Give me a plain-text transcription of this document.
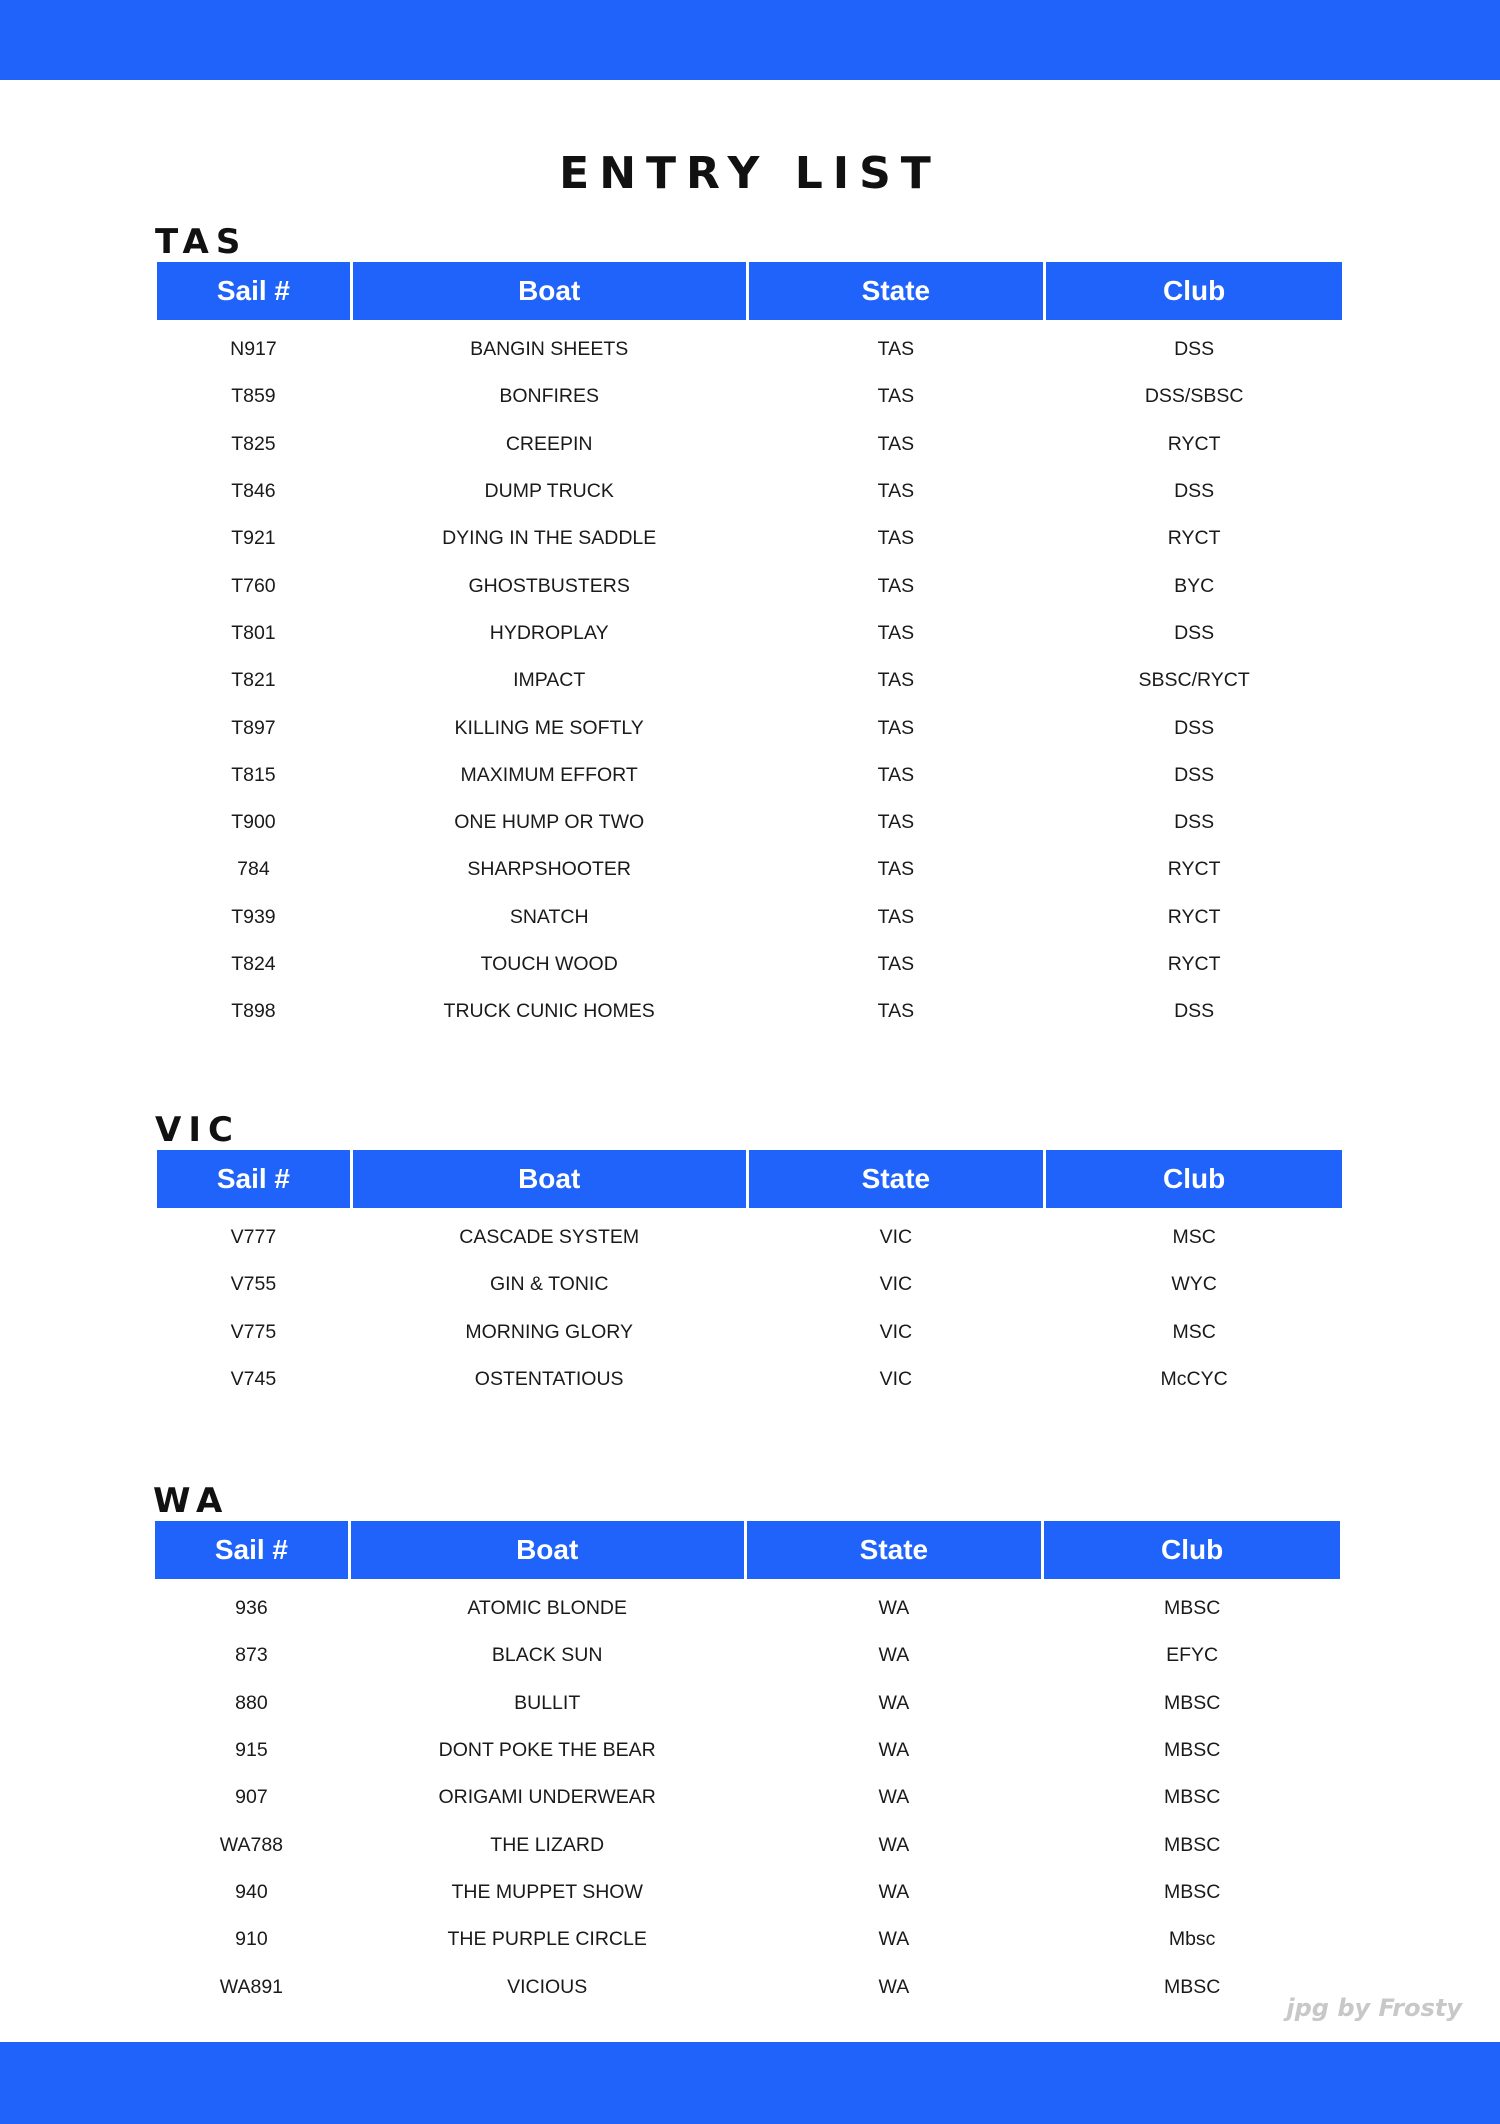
ENTRY LIST
TAS
Sail #	Boat	State	Club
N917	BANGIN SHEETS	TAS	DSS
T859	BONFIRES	TAS	DSS/SBSC
T825	CREEPIN	TAS	RYCT
T846	DUMP TRUCK	TAS	DSS
T921	DYING IN THE SADDLE	TAS	RYCT
T760	GHOSTBUSTERS	TAS	BYC
T801	HYDROPLAY	TAS	DSS
T821	IMPACT	TAS	SBSC/RYCT
T897	KILLING ME SOFTLY	TAS	DSS
T815	MAXIMUM EFFORT	TAS	DSS
T900	ONE HUMP OR TWO	TAS	DSS
784	SHARPSHOOTER	TAS	RYCT
T939	SNATCH	TAS	RYCT
T824	TOUCH WOOD	TAS	RYCT
T898	TRUCK CUNIC HOMES	TAS	DSS
VIC
Sail #	Boat	State	Club
V777	CASCADE SYSTEM	VIC	MSC
V755	GIN & TONIC	VIC	WYC
V775	MORNING GLORY	VIC	MSC
V745	OSTENTATIOUS	VIC	McCYC
WA
Sail #	Boat	State	Club
936	ATOMIC BLONDE	WA	MBSC
873	BLACK SUN	WA	EFYC
880	BULLIT	WA	MBSC
915	DONT POKE THE BEAR	WA	MBSC
907	ORIGAMI UNDERWEAR	WA	MBSC
WA788	THE LIZARD	WA	MBSC
940	THE MUPPET SHOW	WA	MBSC
910	THE PURPLE CIRCLE	WA	Mbsc
WA891	VICIOUS	WA	MBSC
jpg by Frosty
